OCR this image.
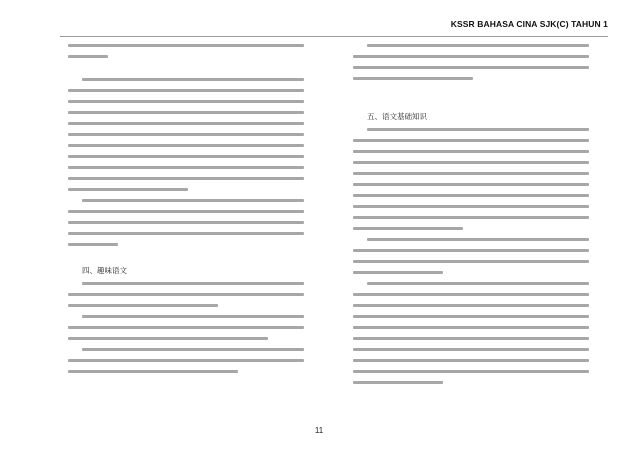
KSSR BAHASA CINA SJK(C) TAHUN 1
四、趣味语文
五、语文基础知识
11
